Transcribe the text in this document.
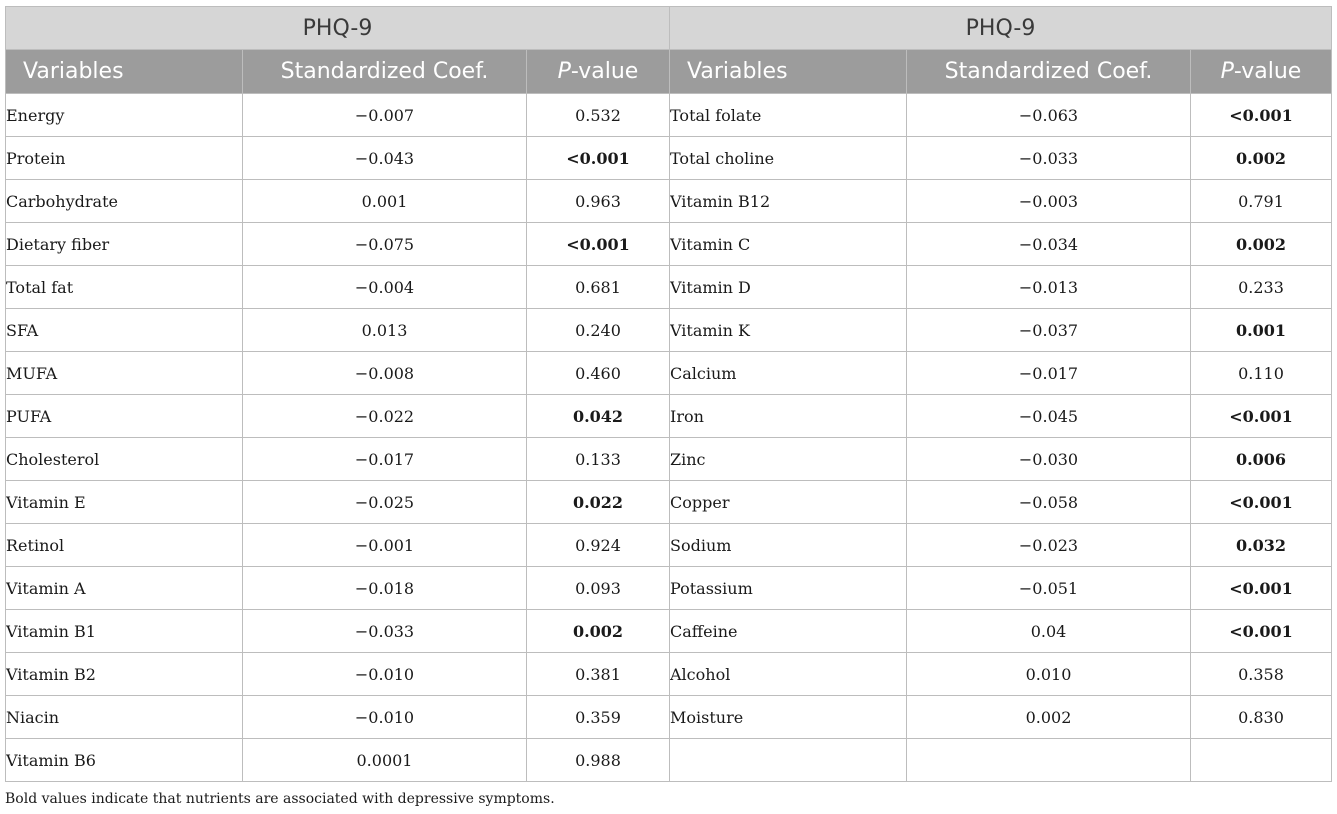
PHQ-9			PHQ-9		
Variables	Standardized Coef.	P-value	Variables	Standardized Coef.	P-value
Energy	−0.007	0.532	Total folate	−0.063	<0.001
Protein	−0.043	<0.001	Total choline	−0.033	0.002
Carbohydrate	0.001	0.963	Vitamin B12	−0.003	0.791
Dietary fiber	−0.075	<0.001	Vitamin C	−0.034	0.002
Total fat	−0.004	0.681	Vitamin D	−0.013	0.233
SFA	0.013	0.240	Vitamin K	−0.037	0.001
MUFA	−0.008	0.460	Calcium	−0.017	0.110
PUFA	−0.022	0.042	Iron	−0.045	<0.001
Cholesterol	−0.017	0.133	Zinc	−0.030	0.006
Vitamin E	−0.025	0.022	Copper	−0.058	<0.001
Retinol	−0.001	0.924	Sodium	−0.023	0.032
Vitamin A	−0.018	0.093	Potassium	−0.051	<0.001
Vitamin B1	−0.033	0.002	Caffeine	0.04	<0.001
Vitamin B2	−0.010	0.381	Alcohol	0.010	0.358
Niacin	−0.010	0.359	Moisture	0.002	0.830
Vitamin B6	0.0001	0.988			
Bold values indicate that nutrients are associated with depressive symptoms.
